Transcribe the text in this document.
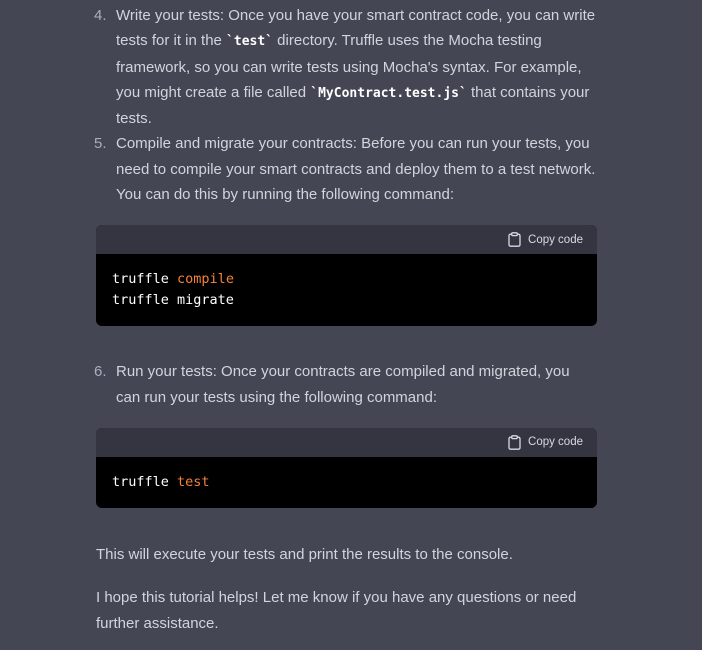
4. Write your tests: Once you have your smart contract code, you can write tests for it in the `test` directory. Truffle uses the Mocha testing framework, so you can write tests using Mocha's syntax. For example, you might create a file called `MyContract.test.js` that contains your tests.
5. Compile and migrate your contracts: Before you can run your tests, you need to compile your smart contracts and deploy them to a test network. You can do this by running the following command:
Copy code
truffle compile
truffle migrate
6. Run your tests: Once your contracts are compiled and migrated, you can run your tests using the following command:
Copy code
truffle test

This will execute your tests and print the results to the console.

I hope this tutorial helps! Let me know if you have any questions or need further assistance.
